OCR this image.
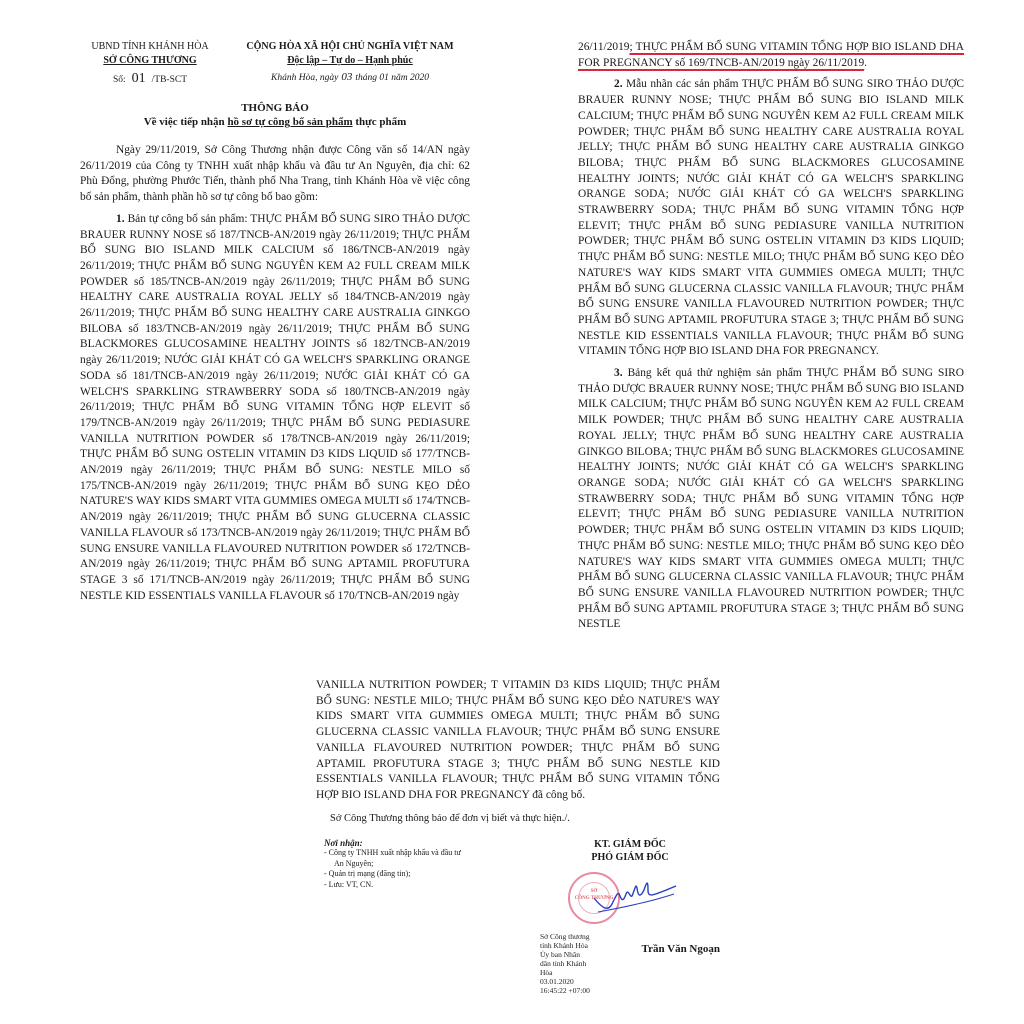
UBND TỈNH KHÁNH HÒA
SỞ CÔNG THƯƠNG
Số: 01 /TB-SCT
CỘNG HÒA XÃ HỘI CHỦ NGHĨA VIỆT NAM
Độc lập – Tự do – Hạnh phúc
Khánh Hòa, ngày 03 tháng 01 năm 2020
THÔNG BÁO
Về việc tiếp nhận hồ sơ tự công bố sản phẩm thực phẩm

Ngày 29/11/2019, Sở Công Thương nhận được Công văn số 14/AN ngày 26/11/2019 của Công ty TNHH xuất nhập khẩu và đầu tư An Nguyên, địa chỉ: 62 Phù Đổng, phường Phước Tiến, thành phố Nha Trang, tỉnh Khánh Hòa về việc công bố sản phẩm, thành phần hồ sơ tự công bố bao gồm:

1. Bản tự công bố sản phẩm: THỰC PHẨM BỔ SUNG SIRO THẢO DƯỢC BRAUER RUNNY NOSE số 187/TNCB-AN/2019 ngày 26/11/2019; THỰC PHẨM BỔ SUNG BIO ISLAND MILK CALCIUM số 186/TNCB-AN/2019 ngày 26/11/2019; THỰC PHẨM BỔ SUNG NGUYÊN KEM A2 FULL CREAM MILK POWDER số 185/TNCB-AN/2019 ngày 26/11/2019; THỰC PHẨM BỔ SUNG HEALTHY CARE AUSTRALIA ROYAL JELLY số 184/TNCB-AN/2019 ngày 26/11/2019; THỰC PHẨM BỔ SUNG HEALTHY CARE AUSTRALIA GINKGO BILOBA số 183/TNCB-AN/2019 ngày 26/11/2019; THỰC PHẨM BỔ SUNG BLACKMORES GLUCOSAMINE HEALTHY JOINTS số 182/TNCB-AN/2019 ngày 26/11/2019; NƯỚC GIẢI KHÁT CÓ GA WELCH'S SPARKLING ORANGE SODA số 181/TNCB-AN/2019 ngày 26/11/2019; NƯỚC GIẢI KHÁT CÓ GA WELCH'S SPARKLING STRAWBERRY SODA số 180/TNCB-AN/2019 ngày 26/11/2019; THỰC PHẨM BỔ SUNG VITAMIN TỔNG HỢP ELEVIT số 179/TNCB-AN/2019 ngày 26/11/2019; THỰC PHẨM BỔ SUNG PEDIASURE VANILLA NUTRITION POWDER số 178/TNCB-AN/2019 ngày 26/11/2019; THỰC PHẨM BỔ SUNG OSTELIN VITAMIN D3 KIDS LIQUID số 177/TNCB-AN/2019 ngày 26/11/2019; THỰC PHẨM BỔ SUNG: NESTLE MILO số 175/TNCB-AN/2019 ngày 26/11/2019; THỰC PHẨM BỔ SUNG KẸO DẺO NATURE'S WAY KIDS SMART VITA GUMMIES OMEGA MULTI số 174/TNCB-AN/2019 ngày 26/11/2019; THỰC PHẨM BỔ SUNG GLUCERNA CLASSIC VANILLA FLAVOUR số 173/TNCB-AN/2019 ngày 26/11/2019; THỰC PHẨM BỔ SUNG ENSURE VANILLA FLAVOURED NUTRITION POWDER số 172/TNCB-AN/2019 ngày 26/11/2019; THỰC PHẨM BỔ SUNG APTAMIL PROFUTURA STAGE 3 số 171/TNCB-AN/2019 ngày 26/11/2019; THỰC PHẨM BỔ SUNG NESTLE KID ESSENTIALS VANILLA FLAVOUR số 170/TNCB-AN/2019 ngày

26/11/2019; THỰC PHẨM BỔ SUNG VITAMIN TỔNG HỢP BIO ISLAND DHA FOR PREGNANCY số 169/TNCB-AN/2019 ngày 26/11/2019.

2. Mẫu nhãn các sản phẩm THỰC PHẨM BỔ SUNG SIRO THẢO DƯỢC BRAUER RUNNY NOSE; THỰC PHẨM BỔ SUNG BIO ISLAND MILK CALCIUM; THỰC PHẨM BỔ SUNG NGUYÊN KEM A2 FULL CREAM MILK POWDER; THỰC PHẨM BỔ SUNG HEALTHY CARE AUSTRALIA ROYAL JELLY; THỰC PHẨM BỔ SUNG HEALTHY CARE AUSTRALIA GINKGO BILOBA; THỰC PHẨM BỔ SUNG BLACKMORES GLUCOSAMINE HEALTHY JOINTS; NƯỚC GIẢI KHÁT CÓ GA WELCH'S SPARKLING ORANGE SODA; NƯỚC GIẢI KHÁT CÓ GA WELCH'S SPARKLING STRAWBERRY SODA; THỰC PHẨM BỔ SUNG VITAMIN TỔNG HỢP ELEVIT; THỰC PHẨM BỔ SUNG PEDIASURE VANILLA NUTRITION POWDER; THỰC PHẨM BỔ SUNG OSTELIN VITAMIN D3 KIDS LIQUID; THỰC PHẨM BỔ SUNG: NESTLE MILO; THỰC PHẨM BỔ SUNG KẸO DẺO NATURE'S WAY KIDS SMART VITA GUMMIES OMEGA MULTI; THỰC PHẨM BỔ SUNG GLUCERNA CLASSIC VANILLA FLAVOUR; THỰC PHẨM BỔ SUNG ENSURE VANILLA FLAVOURED NUTRITION POWDER; THỰC PHẨM BỔ SUNG APTAMIL PROFUTURA STAGE 3; THỰC PHẨM BỔ SUNG NESTLE KID ESSENTIALS VANILLA FLAVOUR; THỰC PHẨM BỔ SUNG VITAMIN TỔNG HỢP BIO ISLAND DHA FOR PREGNANCY.

3. Bảng kết quả thử nghiệm sản phẩm THỰC PHẨM BỔ SUNG SIRO THẢO DƯỢC BRAUER RUNNY NOSE; THỰC PHẨM BỔ SUNG BIO ISLAND MILK CALCIUM; THỰC PHẨM BỔ SUNG NGUYÊN KEM A2 FULL CREAM MILK POWDER; THỰC PHẨM BỔ SUNG HEALTHY CARE AUSTRALIA ROYAL JELLY; THỰC PHẨM BỔ SUNG HEALTHY CARE AUSTRALIA GINKGO BILOBA; THỰC PHẨM BỔ SUNG BLACKMORES GLUCOSAMINE HEALTHY JOINTS; NƯỚC GIẢI KHÁT CÓ GA WELCH'S SPARKLING ORANGE SODA; NƯỚC GIẢI KHÁT CÓ GA WELCH'S SPARKLING STRAWBERRY SODA; THỰC PHẨM BỔ SUNG VITAMIN TỔNG HỢP ELEVIT; THỰC PHẨM BỔ SUNG PEDIASURE VANILLA NUTRITION POWDER; THỰC PHẨM BỔ SUNG OSTELIN VITAMIN D3 KIDS LIQUID; THỰC PHẨM BỔ SUNG: NESTLE MILO; THỰC PHẨM BỔ SUNG KẸO DẺO NATURE'S WAY KIDS SMART VITA GUMMIES OMEGA MULTI; THỰC PHẨM BỔ SUNG GLUCERNA CLASSIC VANILLA FLAVOUR; THỰC PHẨM BỔ SUNG ENSURE VANILLA FLAVOURED NUTRITION POWDER; THỰC PHẨM BỔ SUNG APTAMIL PROFUTURA STAGE 3; THỰC PHẨM BỔ SUNG NESTLE

VANILLA NUTRITION POWDER; T VITAMIN D3 KIDS LIQUID; THỰC PHẨM BỔ SUNG: NESTLE MILO; THỰC PHẨM BỔ SUNG KẸO DẺO NATURE'S WAY KIDS SMART VITA GUMMIES OMEGA MULTI; THỰC PHẨM BỔ SUNG GLUCERNA CLASSIC VANILLA FLAVOUR; THỰC PHẨM BỔ SUNG ENSURE VANILLA FLAVOURED NUTRITION POWDER; THỰC PHẨM BỔ SUNG APTAMIL PROFUTURA STAGE 3; THỰC PHẨM BỔ SUNG NESTLE KID ESSENTIALS VANILLA FLAVOUR; THỰC PHẨM BỔ SUNG VITAMIN TỔNG HỢP BIO ISLAND DHA FOR PREGNANCY đã công bố.

Sở Công Thương thông báo để đơn vị biết và thực hiện./.

Nơi nhận:
- Công ty TNHH xuất nhập khẩu và đầu tư
An Nguyên;
- Quản trị mạng (đăng tin);
- Lưu: VT, CN.
KT. GIÁM ĐỐC
PHÓ GIÁM ĐỐC
SỞ
CÔNG THƯƠNG
Sở Công thương
tỉnh Khánh Hòa
Ủy ban Nhân
dân tỉnh Khánh
Hòa
03.01.2020
16:45:22 +07:00
Trần Văn Ngoạn
